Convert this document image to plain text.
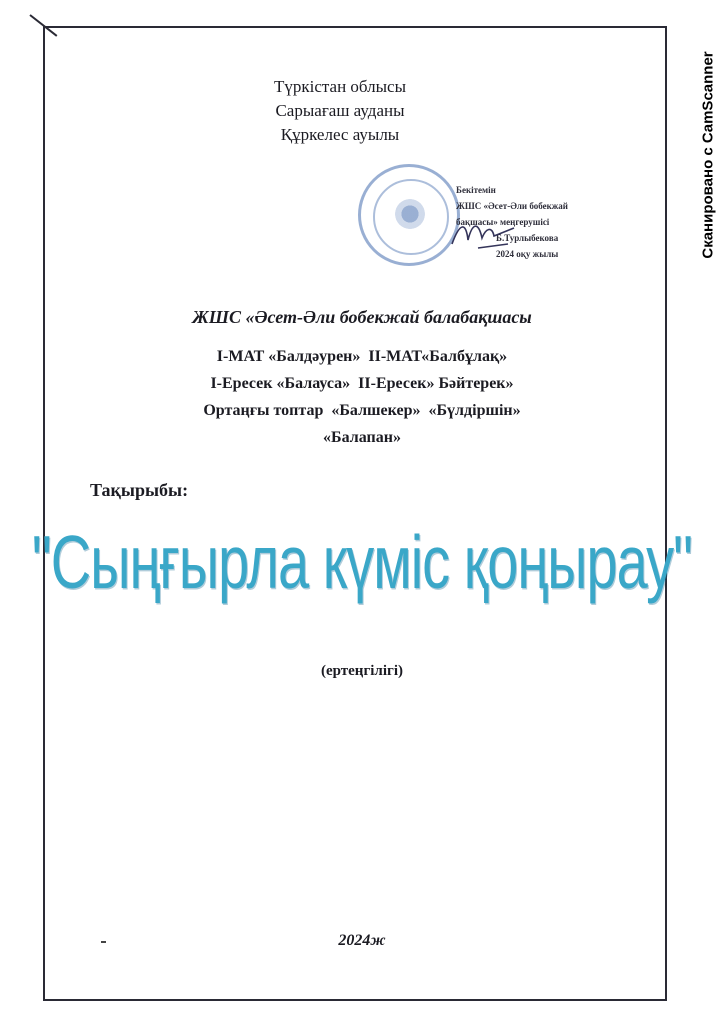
Сканировано с CamScanner
Түркістан облысы
Сарыағаш ауданы
Құркелес ауылы
Бекітемін
ЖШС «Әсет-Әли бобекжай
бақшасы» меңгерушісі
Б.Турлыбекова
2024 оқу жылы
ЖШС «Әсет-Әли бобекжай балабақшасы
І-МАТ «Балдәурен»  ІІ-МАТ«Балбұлақ»
І-Ересек «Балауса»  ІІ-Ересек» Бәйтерек»
Ортаңғы топтар  «Балшекер»  «Бүлдіршін»
«Балапан»
Тақырыбы:
"Сыңғырла күміс қоңырау"
(ертеңгілігі)
2024ж
